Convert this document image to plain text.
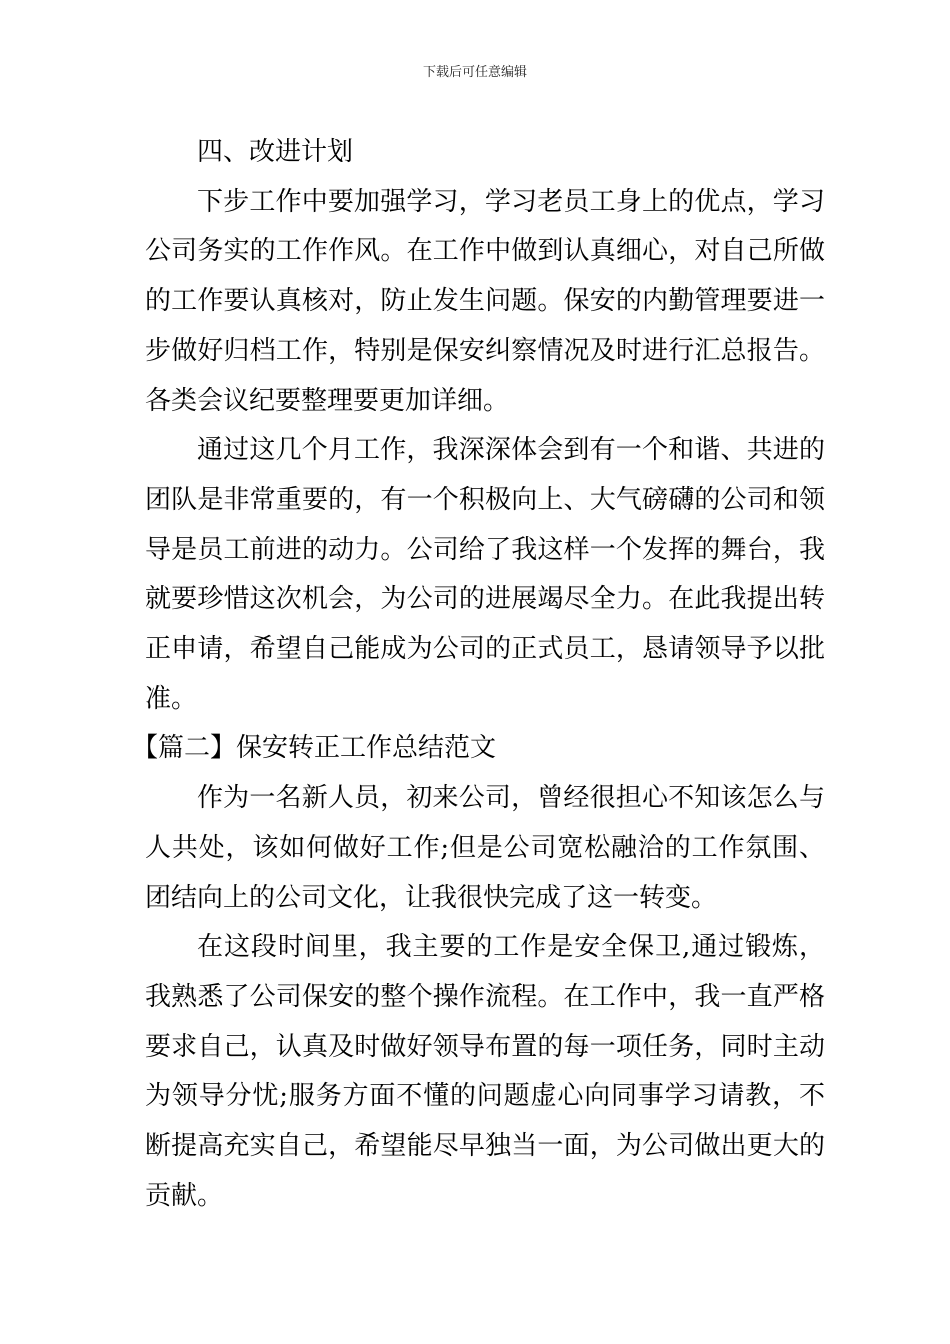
下载后可任意编辑

四、改进计划

下步工作中要加强学习，学习老员工身上的优点，学习公司务实的工作作风。在工作中做到认真细心，对自己所做的工作要认真核对，防止发生问题。保安的内勤管理要进一步做好归档工作，特别是保安纠察情况及时进行汇总报告。各类会议纪要整理要更加详细。

通过这几个月工作，我深深体会到有一个和谐、共进的团队是非常重要的，有一个积极向上、大气磅礴的公司和领导是员工前进的动力。公司给了我这样一个发挥的舞台，我就要珍惜这次机会，为公司的进展竭尽全力。在此我提出转正申请，希望自己能成为公司的正式员工，恳请领导予以批准。

【篇二】保安转正工作总结范文

作为一名新人员，初来公司，曾经很担心不知该怎么与人共处，该如何做好工作;但是公司宽松融洽的工作氛围、团结向上的公司文化，让我很快完成了这一转变。

在这段时间里，我主要的工作是安全保卫,通过锻炼，我熟悉了公司保安的整个操作流程。在工作中，我一直严格要求自己，认真及时做好领导布置的每一项任务，同时主动为领导分忧;服务方面不懂的问题虚心向同事学习请教，不断提高充实自己，希望能尽早独当一面，为公司做出更大的贡献。
